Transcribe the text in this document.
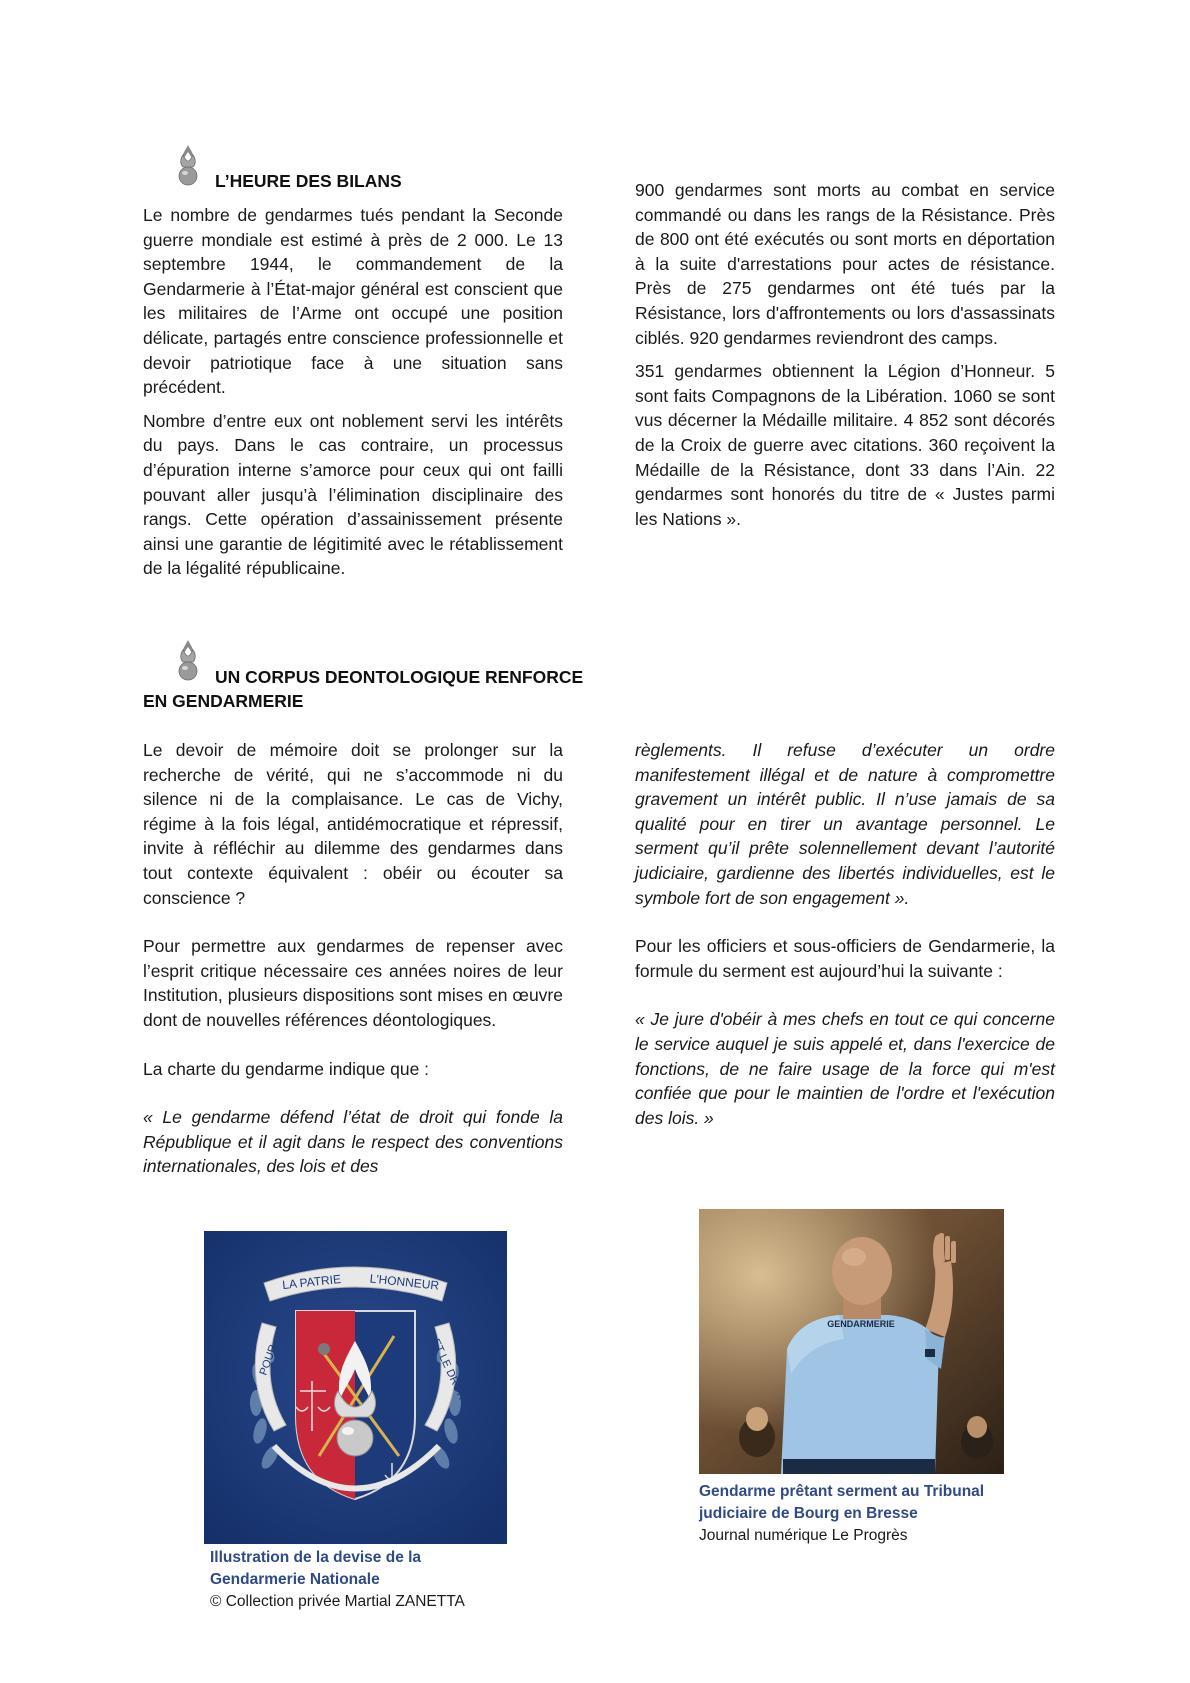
L’HEURE DES BILANS

Le nombre de gendarmes tués pendant la Seconde guerre mondiale est estimé à près de 2 000. Le 13 septembre 1944, le commandement de la Gendarmerie à l’État-major général est conscient que les militaires de l’Arme ont occupé une position délicate, partagés entre conscience professionnelle et devoir patriotique face à une situation sans précédent.

Nombre d’entre eux ont noblement servi les intérêts du pays. Dans le cas contraire, un processus d’épuration interne s’amorce pour ceux qui ont failli pouvant aller jusqu’à l’élimination disciplinaire des rangs. Cette opération d’assainissement présente ainsi une garantie de légitimité avec le rétablissement de la légalité républicaine.

900 gendarmes sont morts au combat en service commandé ou dans les rangs de la Résistance. Près de 800 ont été exécutés ou sont morts en déportation à la suite d'arrestations pour actes de résistance. Près de 275 gendarmes ont été tués par la Résistance, lors d'affrontements ou lors d'assassinats ciblés. 920 gendarmes reviendront des camps.

351 gendarmes obtiennent la Légion d’Honneur. 5 sont faits Compagnons de la Libération. 1060 se sont vus décerner la Médaille militaire. 4 852 sont décorés de la Croix de guerre avec citations. 360 reçoivent la Médaille de la Résistance, dont 33 dans l’Ain. 22 gendarmes sont honorés du titre de « Justes parmi les Nations ».

UN CORPUS DEONTOLOGIQUE RENFORCE
EN GENDARMERIE

Le devoir de mémoire doit se prolonger sur la recherche de vérité, qui ne s’accommode ni du silence ni de la complaisance. Le cas de Vichy, régime à la fois légal, antidémocratique et répressif, invite à réfléchir au dilemme des gendarmes dans tout contexte équivalent : obéir ou écouter sa conscience ?

Pour permettre aux gendarmes de repenser avec l’esprit critique nécessaire ces années noires de leur Institution, plusieurs dispositions sont mises en œuvre dont de nouvelles références déontologiques.

La charte du gendarme indique que :

« Le gendarme défend l’état de droit qui fonde la République et il agit dans le respect des conventions internationales, des lois et des

règlements. Il refuse d’exécuter un ordre manifestement illégal et de nature à compromettre gravement un intérêt public. Il n’use jamais de sa qualité pour en tirer un avantage personnel. Le serment qu’il prête solennellement devant l’autorité judiciaire, gardienne des libertés individuelles, est le symbole fort de son engagement ».

Pour les officiers et sous-officiers de Gendarmerie, la formule du serment est aujourd’hui la suivante :

« Je jure d'obéir à mes chefs en tout ce qui concerne le service auquel je suis appelé et, dans l'exercice de fonctions, de ne faire usage de la force qui m'est confiée que pour le maintien de l'ordre et l'exécution des lois. »

LA PATRIE L'HONNEUR
POUR	ET LE DROIT
Illustration de la devise de la
Gendarmerie Nationale
© Collection privée Martial ZANETTA
GENDARMERIE
Gendarme prêtant serment au Tribunal
judiciaire de Bourg en Bresse
Journal numérique Le Progrès
